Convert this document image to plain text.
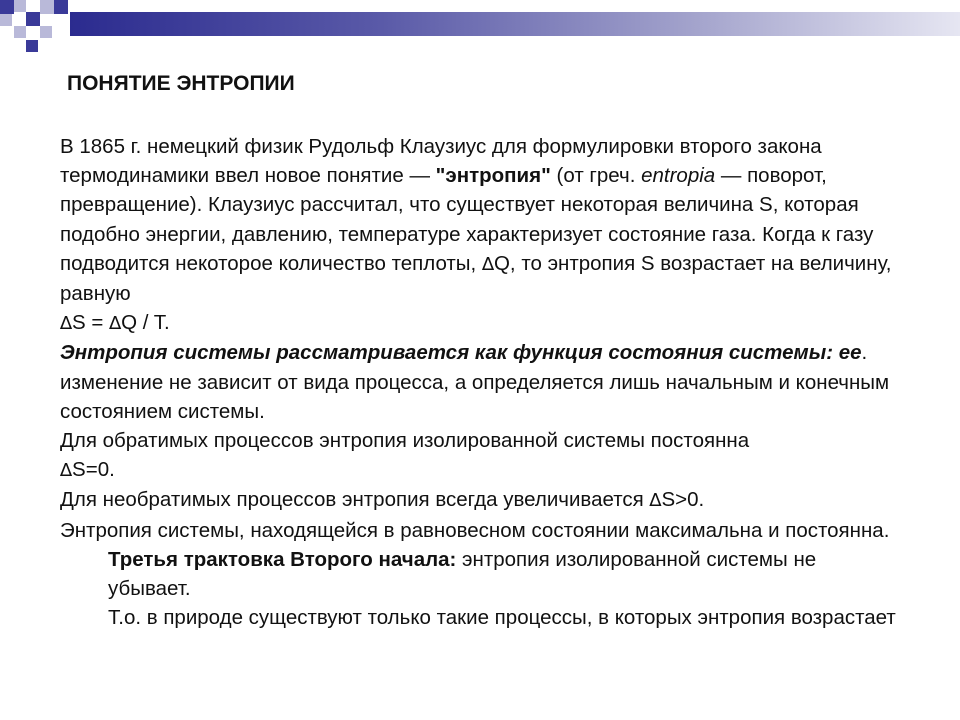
ПОНЯТИЕ ЭНТРОПИИ

В 1865 г. немецкий физик Рудольф Клаузиус для формулировки второго закона термодинамики ввел новое понятие — "энтропия" (от греч. entropia — поворот, превращение). Клаузиус рассчитал, что существует некоторая величина S, которая подобно энергии, давлению, температуре характеризует состояние газа. Когда к газу подводится некоторое количество теплоты, ∆Q, то энтропия S возрастает на величину, равную
∆S = ∆Q / T.

Энтропия системы рассматривается как функция состояния системы: ее. изменение не зависит от вида процесса, а определяется лишь начальным и конечным состоянием системы.

Для обратимых процессов энтропия изолированной системы постоянна
∆S=0.

Для необратимых процессов энтропия всегда увеличивается ∆S>0.

Энтропия системы, находящейся в равновесном состоянии максимальна и постоянна.

Третья трактовка Второго начала: энтропия изолированной системы не убывает.

Т.о. в природе существуют только такие процессы, в которых энтропия возрастает
